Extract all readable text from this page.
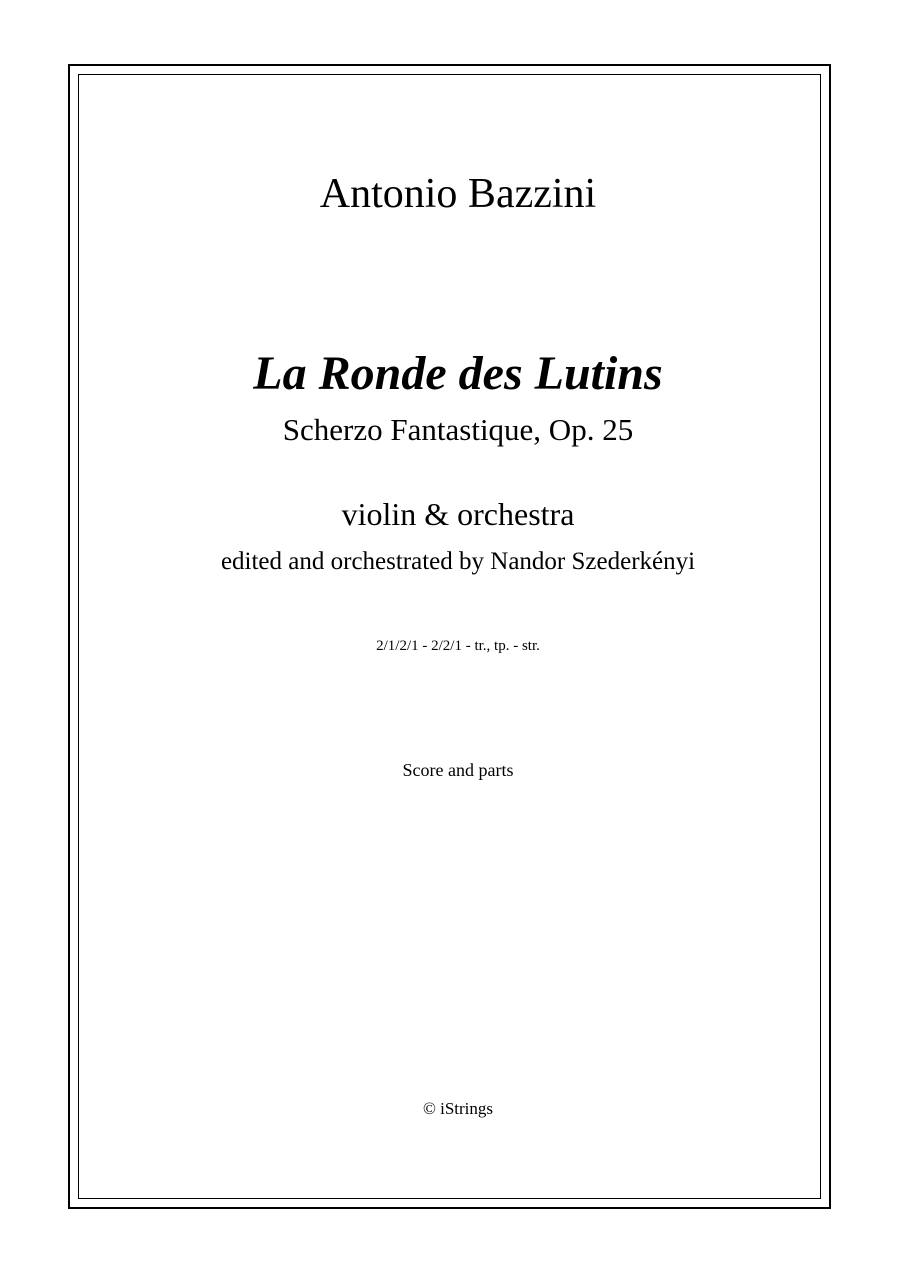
Antonio Bazzini
La Ronde des Lutins
Scherzo Fantastique, Op. 25
violin & orchestra
edited and orchestrated by Nandor Szederkényi
2/1/2/1 - 2/2/1 - tr., tp. - str.
Score and parts
© iStrings
